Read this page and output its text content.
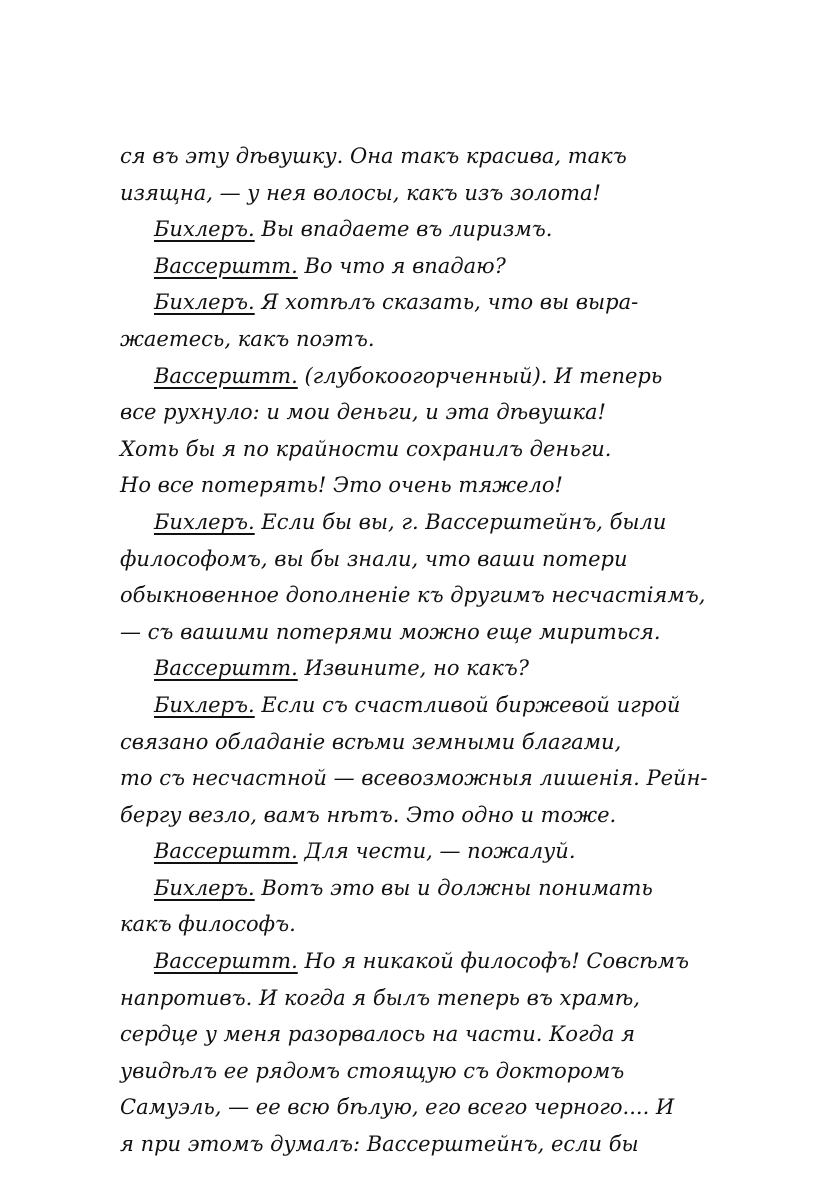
ся въ эту дѣвушку. Она такъ красива, такъ
изящна, — у нея волосы, какъ изъ золота!
Бихлеръ. Вы впадаете въ лиризмъ.
Вассерштт. Во что я впадаю?
Бихлеръ. Я хотѣлъ сказать, что вы выра-
жаетесь, какъ поэтъ.
Вассерштт. (глубокоогорченный). И теперь
все рухнуло: и мои деньги, и эта дѣвушка!
Хоть бы я по крайности сохранилъ деньги.
Но все потерять! Это очень тяжело!
Бихлеръ. Если бы вы, г. Вассерштейнъ, были
философомъ, вы бы знали, что ваши потери
обыкновенное дополненіе къ другимъ несчастіямъ,
— съ вашими потерями можно еще мириться.
Вассерштт. Извините, но какъ?
Бихлеръ. Если съ счастливой биржевой игрой
связано обладаніе всѣми земными благами,
то съ несчастной — всевозможныя лишенія. Рейн-
бергу везло, вамъ нѣтъ. Это одно и тоже.
Вассерштт. Для чести, — пожалуй.
Бихлеръ. Вотъ это вы и должны понимать
какъ философъ.
Вассерштт. Но я никакой философъ! Совсѣмъ
напротивъ. И когда я былъ теперь въ храмѣ,
сердце у меня разорвалось на части. Когда я
увидѣлъ ее рядомъ стоящую съ докторомъ
Самуэль, — ее всю бѣлую, его всего черного.... И
я при этомъ думалъ: Вассерштейнъ, если бы
